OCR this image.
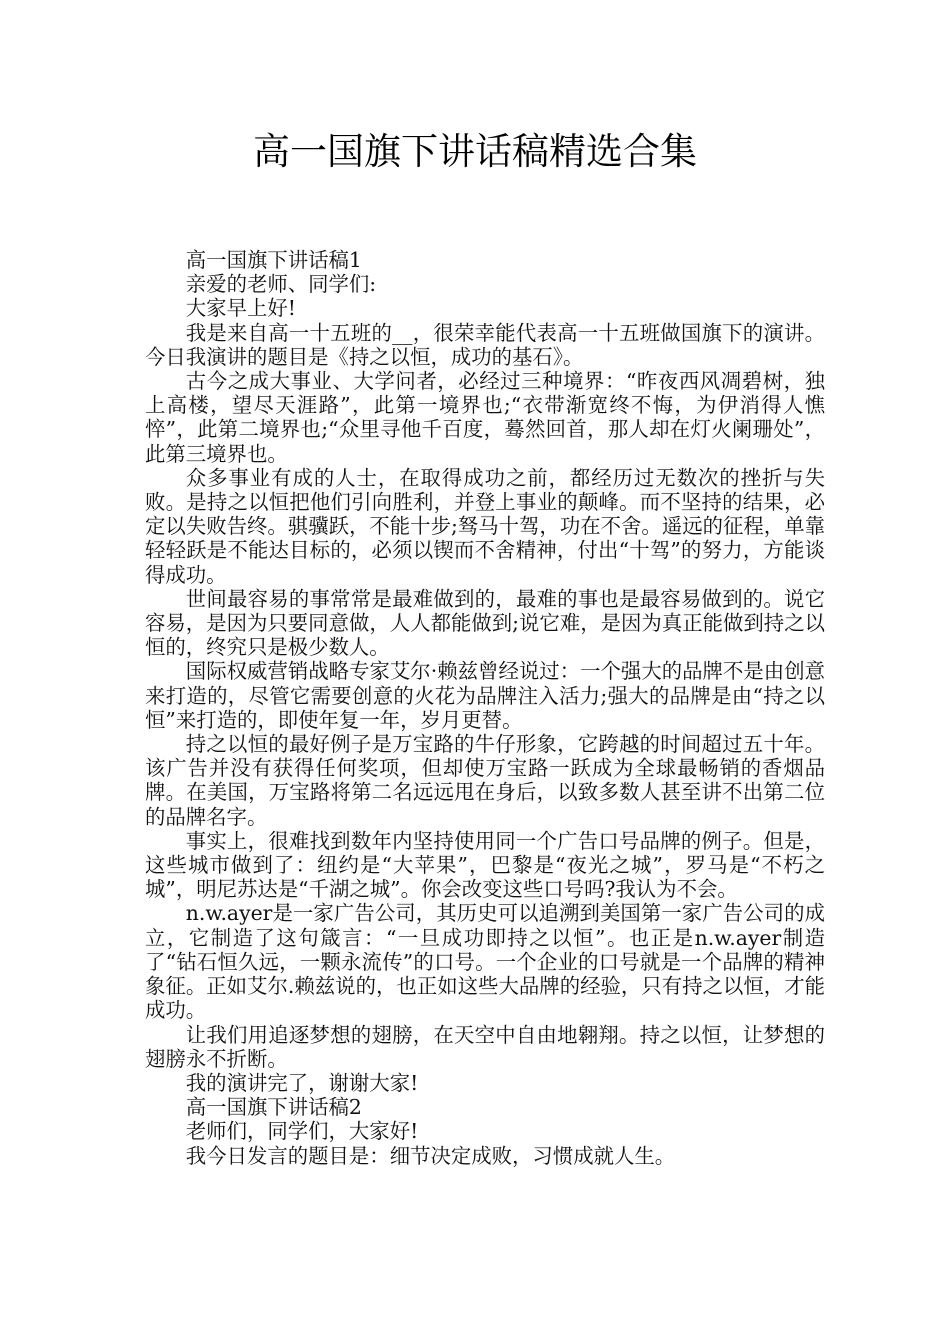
高一国旗下讲话稿精选合集

高一国旗下讲话稿1

亲爱的老师、同学们:

大家早上好!

我是来自高一十五班的__，很荣幸能代表高一十五班做国旗下的演讲。今日我演讲的题目是《持之以恒，成功的基石》。

古今之成大事业、大学问者，必经过三种境界：“昨夜西风凋碧树，独上高楼，望尽天涯路”，此第一境界也;“衣带渐宽终不悔，为伊消得人憔悴”，此第二境界也;“众里寻他千百度，蓦然回首，那人却在灯火阑珊处”，此第三境界也。

众多事业有成的人士，在取得成功之前，都经历过无数次的挫折与失败。是持之以恒把他们引向胜利，并登上事业的颠峰。而不坚持的结果，必定以失败告终。骐骥跃，不能十步;驽马十驾，功在不舍。遥远的征程，单靠轻轻跃是不能达目标的，必须以锲而不舍精神，付出“十驾”的努力，方能谈得成功。

世间最容易的事常常是最难做到的，最难的事也是最容易做到的。说它容易，是因为只要同意做，人人都能做到;说它难，是因为真正能做到持之以恒的，终究只是极少数人。

国际权威营销战略专家艾尔·赖兹曾经说过：一个强大的品牌不是由创意来打造的，尽管它需要创意的火花为品牌注入活力;强大的品牌是由“持之以恒”来打造的，即使年复一年，岁月更替。

持之以恒的最好例子是万宝路的牛仔形象，它跨越的时间超过五十年。该广告并没有获得任何奖项，但却使万宝路一跃成为全球最畅销的香烟品牌。在美国，万宝路将第二名远远甩在身后，以致多数人甚至讲不出第二位的品牌名字。

事实上，很难找到数年内坚持使用同一个广告口号品牌的例子。但是，这些城市做到了：纽约是“大苹果”，巴黎是“夜光之城”，罗马是“不朽之城”，明尼苏达是“千湖之城”。你会改变这些口号吗?我认为不会。

n.w.ayer是一家广告公司，其历史可以追溯到美国第一家广告公司的成立，它制造了这句箴言：“一旦成功即持之以恒”。也正是n.w.ayer制造了“钻石恒久远，一颗永流传”的口号。一个企业的口号就是一个品牌的精神象征。正如艾尔.赖兹说的，也正如这些大品牌的经验，只有持之以恒，才能成功。

让我们用追逐梦想的翅膀，在天空中自由地翱翔。持之以恒，让梦想的翅膀永不折断。

我的演讲完了，谢谢大家!

高一国旗下讲话稿2

老师们，同学们，大家好!

我今日发言的题目是：细节决定成败，习惯成就人生。
